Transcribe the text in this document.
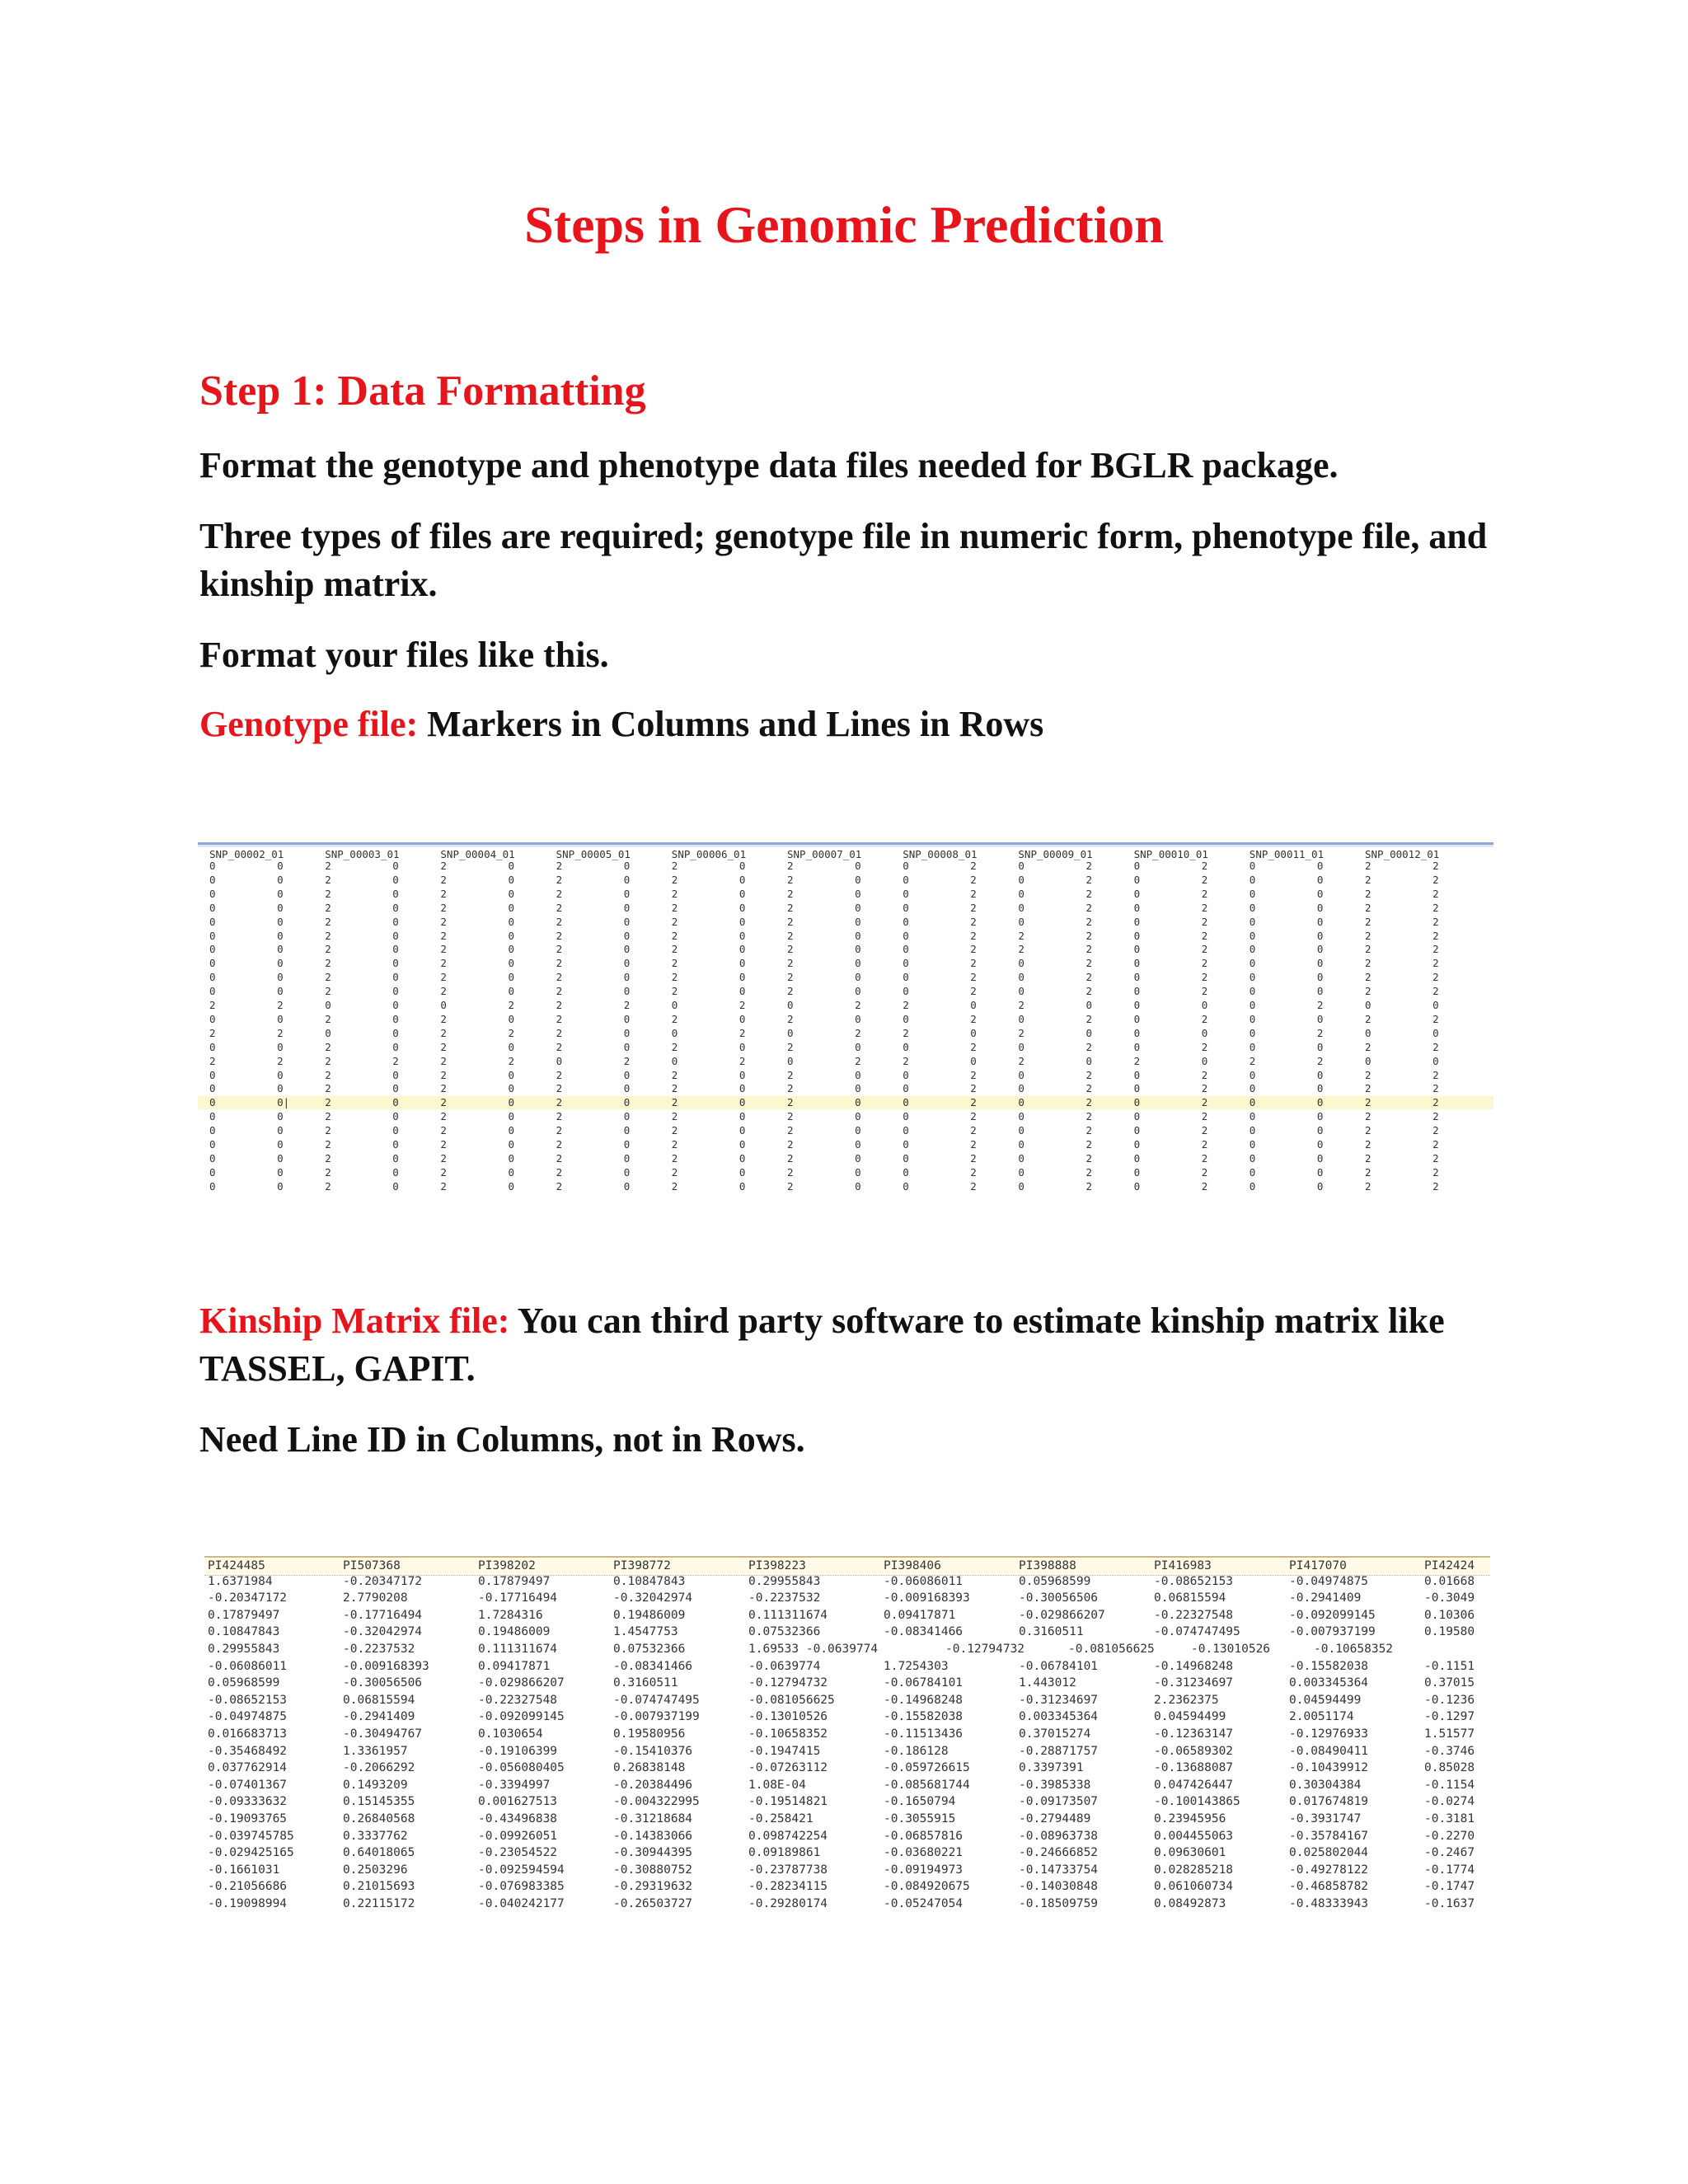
Steps in Genomic Prediction
Step 1: Data Formatting

Format the genotype and phenotype data files needed for BGLR package.

Three types of files are required; genotype file in numeric form, phenotype file, and kinship matrix.

Format your files like this.

Genotype file: Markers in Columns and Lines in Rows

SNP_00002_01	SNP_00003_01	SNP_00004_01	SNP_00005_01	SNP_00006_01	SNP_00007_01	SNP_00008_01	SNP_00009_01	SNP_00010_01	SNP_00011_01	SNP_00012_01
0	0	2	0	2	0	2	0	2	0	2	0	0	2	0	2	0	2	0	0	2	2
0	0	2	0	2	0	2	0	2	0	2	0	0	2	0	2	0	2	0	0	2	2
0	0	2	0	2	0	2	0	2	0	2	0	0	2	0	2	0	2	0	0	2	2
0	0	2	0	2	0	2	0	2	0	2	0	0	2	0	2	0	2	0	0	2	2
0	0	2	0	2	0	2	0	2	0	2	0	0	2	0	2	0	2	0	0	2	2
0	0	2	0	2	0	2	0	2	0	2	0	0	2	2	2	0	2	0	0	2	2
0	0	2	0	2	0	2	0	2	0	2	0	0	2	2	2	0	2	0	0	2	2
0	0	2	0	2	0	2	0	2	0	2	0	0	2	0	2	0	2	0	0	2	2
0	0	2	0	2	0	2	0	2	0	2	0	0	2	0	2	0	2	0	0	2	2
0	0	2	0	2	0	2	0	2	0	2	0	0	2	0	2	0	2	0	0	2	2
2	2	0	0	0	2	2	2	0	2	0	2	2	0	2	0	0	0	0	2	0	0
0	0	2	0	2	0	2	0	2	0	2	0	0	2	0	2	0	2	0	0	2	2
2	2	0	0	2	2	2	0	0	2	0	2	2	0	2	0	0	0	0	2	0	0
0	0	2	0	2	0	2	0	2	0	2	0	0	2	0	2	0	2	0	0	2	2
2	2	2	2	2	2	0	2	0	2	0	2	2	0	2	0	2	0	2	2	0	0
0	0	2	0	2	0	2	0	2	0	2	0	0	2	0	2	0	2	0	0	2	2
0	0	2	0	2	0	2	0	2	0	2	0	0	2	0	2	0	2	0	0	2	2
0	0|	2	0	2	0	2	0	2	0	2	0	0	2	0	2	0	2	0	0	2	2
0	0	2	0	2	0	2	0	2	0	2	0	0	2	0	2	0	2	0	0	2	2
0	0	2	0	2	0	2	0	2	0	2	0	0	2	0	2	0	2	0	0	2	2
0	0	2	0	2	0	2	0	2	0	2	0	0	2	0	2	0	2	0	0	2	2
0	0	2	0	2	0	2	0	2	0	2	0	0	2	0	2	0	2	0	0	2	2
0	0	2	0	2	0	2	0	2	0	2	0	0	2	0	2	0	2	0	0	2	2
0	0	2	0	2	0	2	0	2	0	2	0	0	2	0	2	0	2	0	0	2	2

Kinship Matrix file: You can third party software to estimate kinship matrix like TASSEL, GAPIT.

Need Line ID in Columns, not in Rows.

PI424485	PI507368	PI398202	PI398772	PI398223	PI398406	PI398888	PI416983	PI417070	PI42424
1.6371984	-0.20347172	0.17879497	0.10847843	0.29955843	-0.06086011	0.05968599	-0.08652153	-0.04974875	0.01668
-0.20347172	2.7790208	-0.17716494	-0.32042974	-0.2237532	-0.009168393	-0.30056506	0.06815594	-0.2941409	-0.3049
0.17879497	-0.17716494	1.7284316	0.19486009	0.111311674	0.09417871	-0.029866207	-0.22327548	-0.092099145	0.10306
0.10847843	-0.32042974	0.19486009	1.4547753	0.07532366	-0.08341466	0.3160511	-0.074747495	-0.007937199	0.19580
0.29955843	-0.2237532	0.111311674	0.07532366	1.69533 -0.0639774	-0.12794732	-0.081056625	-0.13010526	-0.10658352
-0.06086011	-0.009168393	0.09417871	-0.08341466	-0.0639774	1.7254303	-0.06784101	-0.14968248	-0.15582038	-0.1151
0.05968599	-0.30056506	-0.029866207	0.3160511	-0.12794732	-0.06784101	1.443012	-0.31234697	0.003345364	0.37015
-0.08652153	0.06815594	-0.22327548	-0.074747495	-0.081056625	-0.14968248	-0.31234697	2.2362375	0.04594499	-0.1236
-0.04974875	-0.2941409	-0.092099145	-0.007937199	-0.13010526	-0.15582038	0.003345364	0.04594499	2.0051174	-0.1297
0.016683713	-0.30494767	0.1030654	0.19580956	-0.10658352	-0.11513436	0.37015274	-0.12363147	-0.12976933	1.51577
-0.35468492	1.3361957	-0.19106399	-0.15410376	-0.1947415	-0.186128	-0.28871757	-0.06589302	-0.08490411	-0.3746
0.037762914	-0.2066292	-0.056080405	0.26838148	-0.07263112	-0.059726615	0.3397391	-0.13688087	-0.10439912	0.85028
-0.07401367	0.1493209	-0.3394997	-0.20384496	1.08E-04	-0.085681744	-0.3985338	0.047426447	0.30304384	-0.1154
-0.09333632	0.15145355	0.001627513	-0.004322995	-0.19514821	-0.1650794	-0.09173507	-0.100143865	0.017674819	-0.0274
-0.19093765	0.26840568	-0.43496838	-0.31218684	-0.258421	-0.3055915	-0.2794489	0.23945956	-0.3931747	-0.3181
-0.039745785	0.3337762	-0.09926051	-0.14383066	0.098742254	-0.06857816	-0.08963738	0.004455063	-0.35784167	-0.2270
-0.029425165	0.64018065	-0.23054522	-0.30944395	0.09189861	-0.03680221	-0.24666852	0.09630601	0.025802044	-0.2467
-0.1661031	0.2503296	-0.092594594	-0.30880752	-0.23787738	-0.09194973	-0.14733754	0.028285218	-0.49278122	-0.1774
-0.21056686	0.21015693	-0.076983385	-0.29319632	-0.28234115	-0.084920675	-0.14030848	0.061060734	-0.46858782	-0.1747
-0.19098994	0.22115172	-0.040242177	-0.26503727	-0.29280174	-0.05247054	-0.18509759	0.08492873	-0.48333943	-0.1637
